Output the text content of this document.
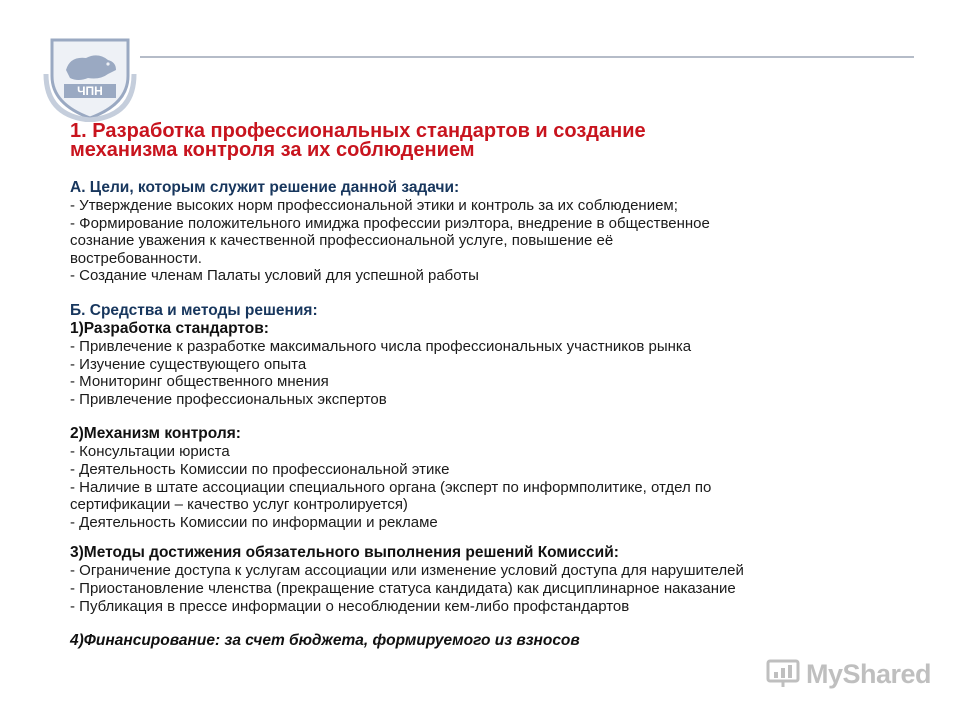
ЧПН
1. Разработка профессиональных стандартов и создание
механизма контроля за их соблюдением
А. Цели, которым служит решение данной задачи:
- Утверждение высоких норм профессиональной этики и контроль за их соблюдением;
- Формирование положительного имиджа профессии риэлтора, внедрение в общественное
сознание уважения к качественной профессиональной услуге, повышение её
востребованности.
- Создание членам Палаты условий для успешной работы
Б. Средства и методы решения:
1)Разработка стандартов:
- Привлечение к разработке максимального числа профессиональных участников рынка
- Изучение существующего опыта
- Мониторинг общественного мнения
- Привлечение профессиональных экспертов
2)Механизм контроля:
- Консультации юриста
- Деятельность Комиссии по профессиональной этике
- Наличие в штате ассоциации специального органа (эксперт по информполитике, отдел по
сертификации – качество услуг контролируется)
- Деятельность Комиссии по информации и рекламе
3)Методы достижения обязательного выполнения решений Комиссий:
- Ограничение доступа к услугам ассоциации или изменение условий доступа для нарушителей
- Приостановление членства (прекращение статуса кандидата) как дисциплинарное наказание
- Публикация в прессе информации о несоблюдении кем-либо профстандартов
4)Финансирование: за счет бюджета, формируемого из взносов
MyShared
